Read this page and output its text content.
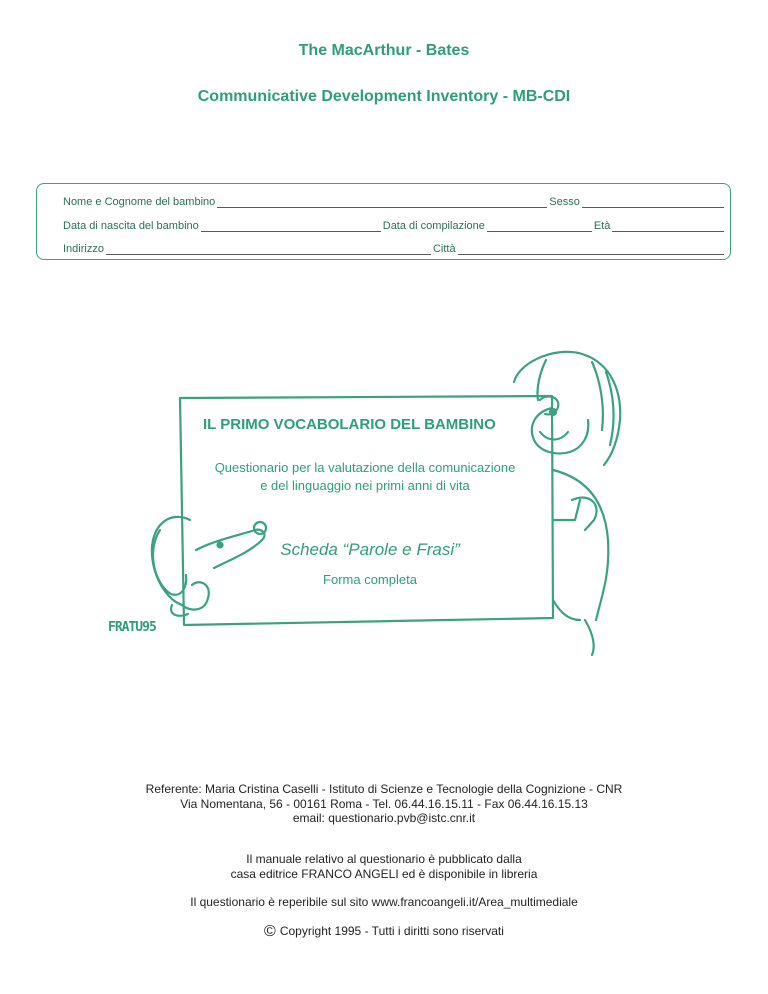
The MacArthur - Bates
Communicative Development Inventory - MB-CDI
Nome e Cognome del bambino	Sesso
Data di nascita del bambino	Data di compilazione	Età
Indirizzo	Città
IL PRIMO VOCABOLARIO DEL BAMBINO
Questionario per la valutazione della comunicazione
e del linguaggio nei primi anni di vita
Scheda “Parole e Frasi”
Forma completa
FRATU95
Referente: Maria Cristina Caselli - Istituto di Scienze e Tecnologie della Cognizione - CNR
Via Nomentana, 56 - 00161 Roma - Tel. 06.44.16.15.11 - Fax 06.44.16.15.13
email: questionario.pvb@istc.cnr.it
Il manuale relativo al questionario è pubblicato dalla
casa editrice FRANCO ANGELI ed è disponibile in libreria
Il questionario è reperibile sul sito www.francoangeli.it/Area_multimediale
© Copyright 1995 - Tutti i diritti sono riservati
